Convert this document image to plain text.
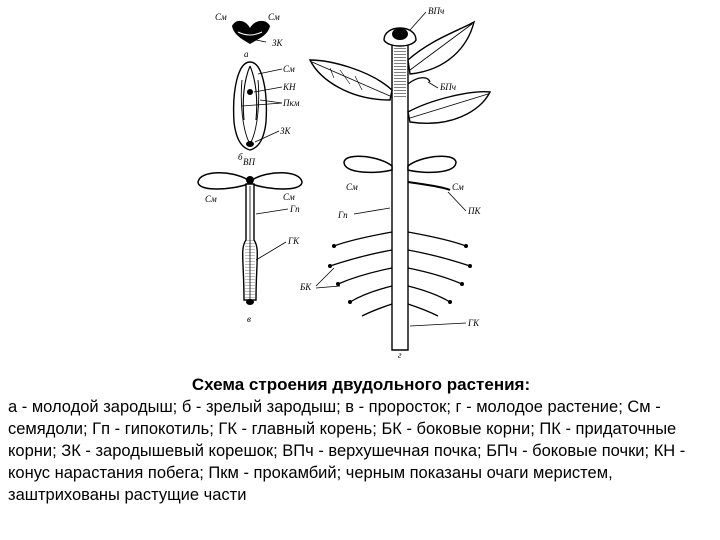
См	См
ЗК
а
См
КН
Пкм
ЗК
б ВП
См	См
Гп
ГК
в
ВПч
БПч
См	См
Гп	ПК
БК
ГК
г

Схема строения двудольного растения:

а - молодой зародыш; б - зрелый зародыш; в - проросток; г - молодое растение; См - семядоли; Гп - гипокотиль; ГК - главный корень; БК - боковые корни; ПК - придаточные корни; ЗК - зародышевый корешок; ВПч - верхушечная почка; БПч - боковые почки; КН - конус нарастания побега; Пкм - прокамбий; черным показаны очаги меристем, заштрихованы растущие части
